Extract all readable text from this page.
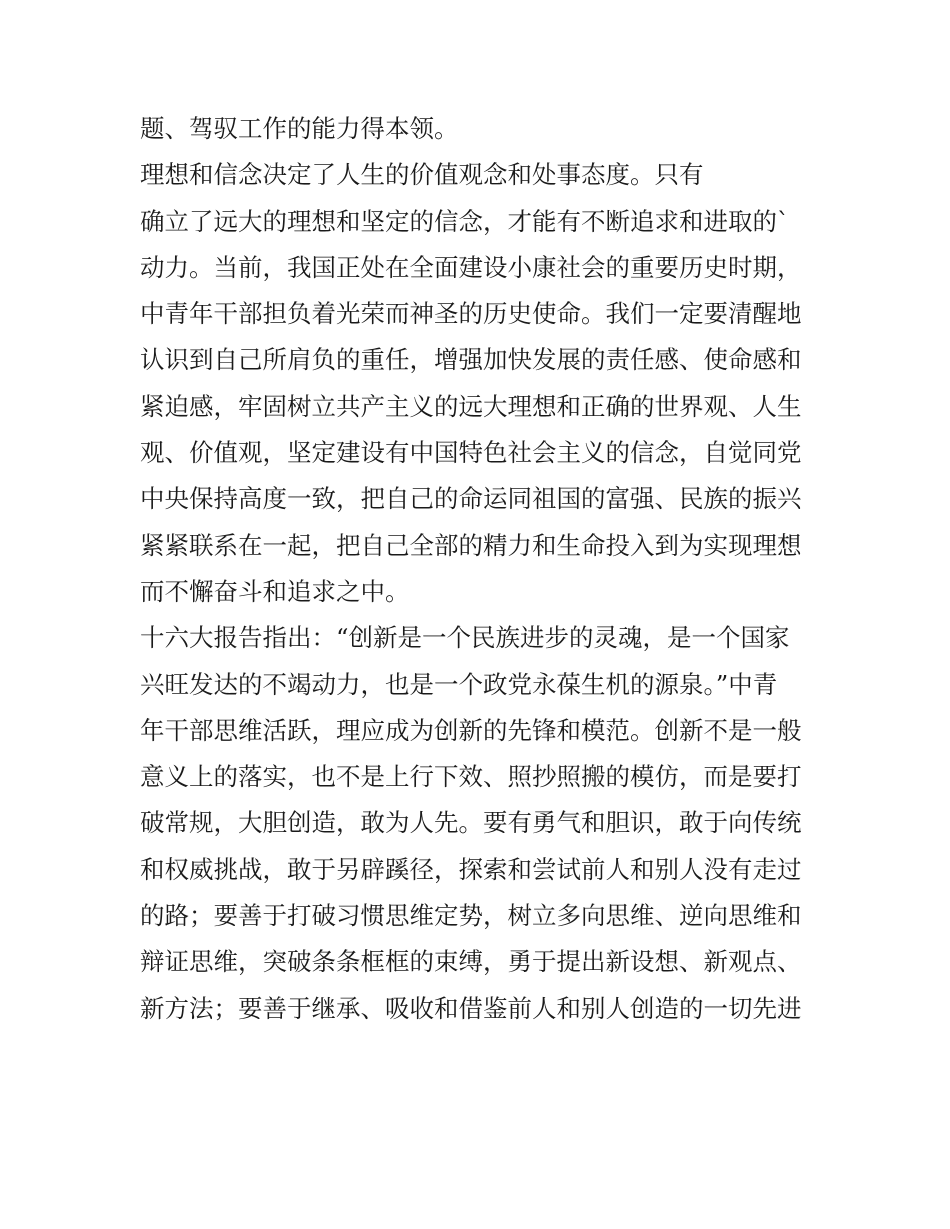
题、驾驭工作的能力得本领。
理想和信念决定了人生的价值观念和处事态度。只有
确立了远大的理想和坚定的信念，才能有不断追求和进取的`
动力。当前，我国正处在全面建设小康社会的重要历史时期，
中青年干部担负着光荣而神圣的历史使命。我们一定要清醒地
认识到自己所肩负的重任，增强加快发展的责任感、使命感和
紧迫感，牢固树立共产主义的远大理想和正确的世界观、人生
观、价值观，坚定建设有中国特色社会主义的信念，自觉同党
中央保持高度一致，把自己的命运同祖国的富强、民族的振兴
紧紧联系在一起，把自己全部的精力和生命投入到为实现理想
而不懈奋斗和追求之中。
十六大报告指出：“创新是一个民族进步的灵魂，是一个国家
兴旺发达的不竭动力，也是一个政党永葆生机的源泉。”中青
年干部思维活跃，理应成为创新的先锋和模范。创新不是一般
意义上的落实，也不是上行下效、照抄照搬的模仿，而是要打
破常规，大胆创造，敢为人先。要有勇气和胆识，敢于向传统
和权威挑战，敢于另辟蹊径，探索和尝试前人和别人没有走过
的路；要善于打破习惯思维定势，树立多向思维、逆向思维和
辩证思维，突破条条框框的束缚，勇于提出新设想、新观点、
新方法；要善于继承、吸收和借鉴前人和别人创造的一切先进
